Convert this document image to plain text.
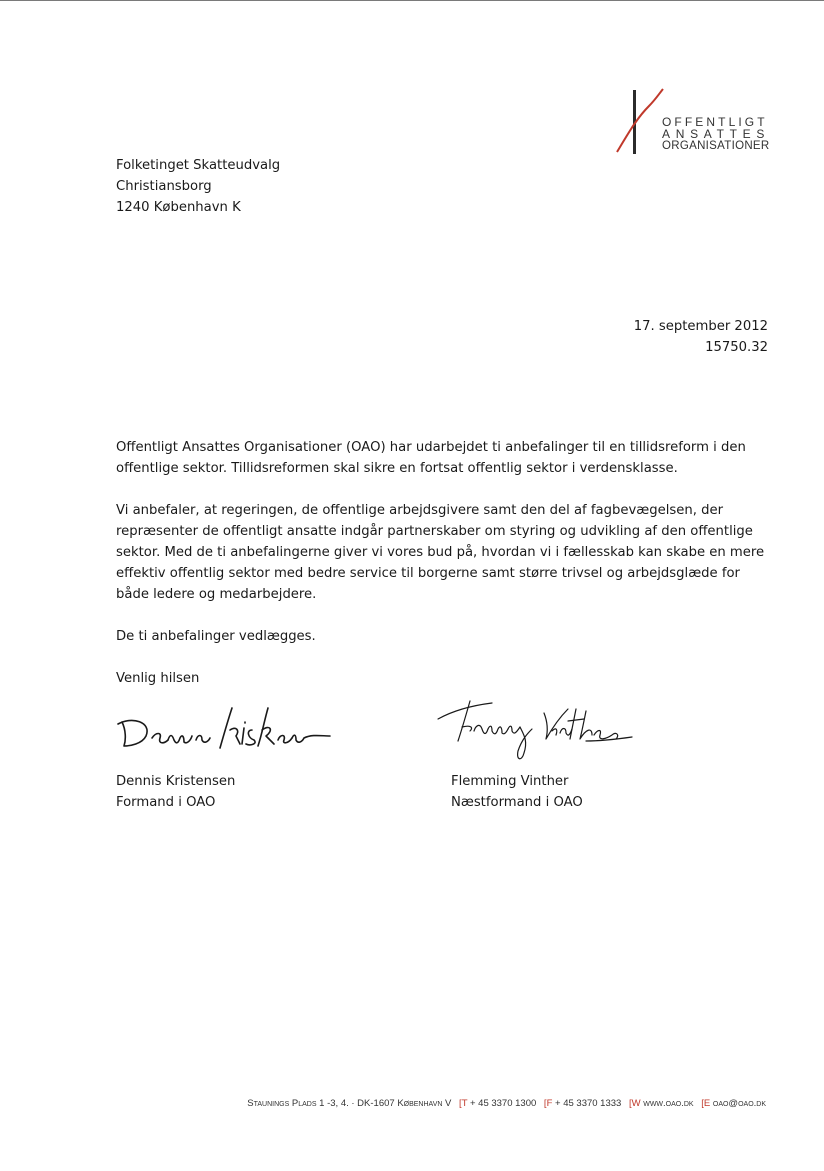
OFFENTLIGT
ANSATTES
ORGANISATIONER
Folketinget Skatteudvalg
Christiansborg
1240 København K
17. september 2012
15750.32

Offentligt Ansattes Organisationer (OAO) har udarbejdet ti anbefalinger til en tillidsreform i den offentlige sektor. Tillidsreformen skal sikre en fortsat offentlig sektor i verdensklasse.

Vi anbefaler, at regeringen, de offentlige arbejdsgivere samt den del af fagbevægelsen, der repræsenter de offentligt ansatte indgår partnerskaber om styring og udvikling af den offentlige sektor. Med de ti anbefalingerne giver vi vores bud på, hvordan vi i fællesskab kan skabe en mere effektiv offentlig sektor med bedre service til borgerne samt større trivsel og arbejdsglæde for både ledere og medarbejdere.

De ti anbefalinger vedlægges.

Venlig hilsen

Dennis Kristensen
Formand i OAO
Flemming Vinther
Næstformand i OAO
Staunings Plads 1 -3, 4. · DK-1607 København V [T + 45 3370 1300 [F + 45 3370 1333 [W www.oao.dk [E oao@oao.dk
